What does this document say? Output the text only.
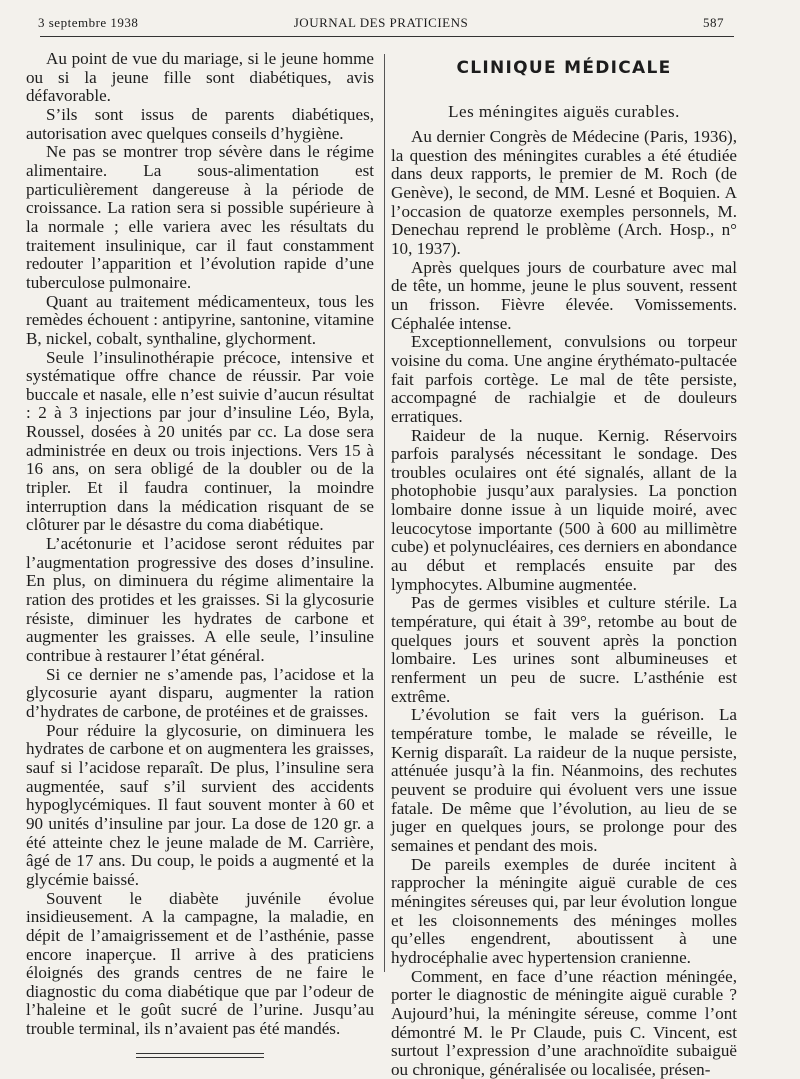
3 septembre 1938	JOURNAL DES PRATICIENS	587

Au point de vue du mariage, si le jeune homme ou si la jeune fille sont diabétiques, avis défavorable.

S’ils sont issus de parents diabétiques, autorisation avec quelques conseils d’hygiène.

Ne pas se montrer trop sévère dans le régime alimentaire. La sous-alimentation est particulièrement dangereuse à la période de croissance. La ration sera si possible supérieure à la normale ; elle variera avec les résultats du traitement insulinique, car il faut constamment redouter l’apparition et l’évolution rapide d’une tuberculose pulmonaire.

Quant au traitement médicamenteux, tous les remèdes échouent : antipyrine, santonine, vitamine B, nickel, cobalt, synthaline, glychorment.

Seule l’insulinothérapie précoce, intensive et systématique offre chance de réussir. Par voie buccale et nasale, elle n’est suivie d’aucun résultat : 2 à 3 injections par jour d’insuline Léo, Byla, Roussel, dosées à 20 unités par cc. La dose sera administrée en deux ou trois injections. Vers 15 à 16 ans, on sera obligé de la doubler ou de la tripler. Et il faudra continuer, la moindre interruption dans la médication risquant de se clôturer par le désastre du coma diabétique.

L’acétonurie et l’acidose seront réduites par l’augmentation progressive des doses d’insuline. En plus, on diminuera du régime alimentaire la ration des protides et les graisses. Si la glycosurie résiste, diminuer les hydrates de carbone et augmenter les graisses. A elle seule, l’insuline contribue à restaurer l’état général.

Si ce dernier ne s’amende pas, l’acidose et la glycosurie ayant disparu, augmenter la ration d’hydrates de carbone, de protéines et de graisses.

Pour réduire la glycosurie, on diminuera les hydrates de carbone et on augmentera les graisses, sauf si l’acidose reparaît. De plus, l’insuline sera augmentée, sauf s’il survient des accidents hypoglycémiques. Il faut souvent monter à 60 et 90 unités d’insuline par jour. La dose de 120 gr. a été atteinte chez le jeune malade de M. Carrière, âgé de 17 ans. Du coup, le poids a augmenté et la glycémie baissé.

Souvent le diabète juvénile évolue insidieusement. A la campagne, la maladie, en dépit de l’amaigrissement et de l’asthénie, passe encore inaperçue. Il arrive à des praticiens éloignés des grands centres de ne faire le diagnostic du coma diabétique que par l’odeur de l’haleine et le goût sucré de l’urine. Jusqu’au trouble terminal, ils n’avaient pas été mandés.

CLINIQUE MÉDICALE
Les méningites aiguës curables.

Au dernier Congrès de Médecine (Paris, 1936), la question des méningites curables a été étudiée dans deux rapports, le premier de M. Roch (de Genève), le second, de MM. Lesné et Boquien. A l’occasion de quatorze exemples personnels, M. Denechau reprend le problème (Arch. Hosp., n° 10, 1937).

Après quelques jours de courbature avec mal de tête, un homme, jeune le plus souvent, ressent un frisson. Fièvre élevée. Vomissements. Céphalée intense.

Exceptionnellement, convulsions ou torpeur voisine du coma. Une angine érythémato-pultacée fait parfois cortège. Le mal de tête persiste, accompagné de rachialgie et de douleurs erratiques.

Raideur de la nuque. Kernig. Réservoirs parfois paralysés nécessitant le sondage. Des troubles oculaires ont été signalés, allant de la photophobie jusqu’aux paralysies. La ponction lombaire donne issue à un liquide moiré, avec leucocytose importante (500 à 600 au millimètre cube) et polynucléaires, ces derniers en abondance au début et remplacés ensuite par des lymphocytes. Albumine augmentée.

Pas de germes visibles et culture stérile. La température, qui était à 39°, retombe au bout de quelques jours et souvent après la ponction lombaire. Les urines sont albumineuses et renferment un peu de sucre. L’asthénie est extrême.

L’évolution se fait vers la guérison. La température tombe, le malade se réveille, le Kernig disparaît. La raideur de la nuque persiste, atténuée jusqu’à la fin. Néanmoins, des rechutes peuvent se produire qui évoluent vers une issue fatale. De même que l’évolution, au lieu de se juger en quelques jours, se prolonge pour des semaines et pendant des mois.

De pareils exemples de durée incitent à rapprocher la méningite aiguë curable de ces méningites séreuses qui, par leur évolution longue et les cloisonnements des méninges molles qu’elles engendrent, aboutissent à une hydrocéphalie avec hypertension cranienne.

Comment, en face d’une réaction méningée, porter le diagnostic de méningite aiguë curable ? Aujourd’hui, la méningite séreuse, comme l’ont démontré M. le Pr Claude, puis C. Vincent, est surtout l’expression d’une arachnoïdite subaiguë ou chronique, généralisée ou localisée, présen-
